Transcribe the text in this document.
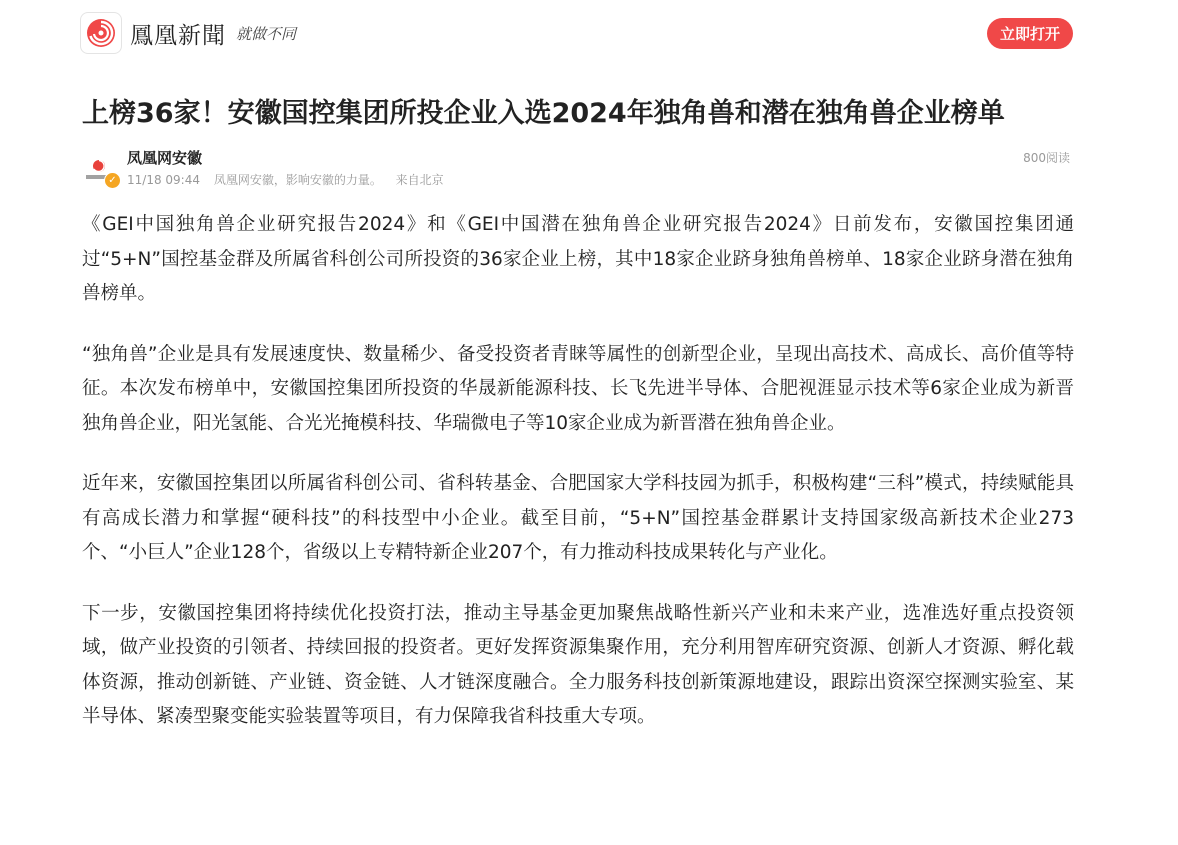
鳳凰新聞 就做不同	立即打开
上榜36家！安徽国控集团所投企业入选2024年独角兽和潜在独角兽企业榜单
✓
凤凰网安徽
11/18 09:44 凤凰网安徽，影响安徽的力量。 来自北京
800阅读

《GEI中国独角兽企业研究报告2024》和《GEI中国潜在独角兽企业研究报告2024》日前发布，安徽国控集团通过“5+N”国控基金群及所属省科创公司所投资的36家企业上榜，其中18家企业跻身独角兽榜单、18家企业跻身潜在独角兽榜单。

“独角兽”企业是具有发展速度快、数量稀少、备受投资者青睐等属性的创新型企业，呈现出高技术、高成长、高价值等特征。本次发布榜单中，安徽国控集团所投资的华晟新能源科技、长飞先进半导体、合肥视涯显示技术等6家企业成为新晋独角兽企业，阳光氢能、合光光掩模科技、华瑞微电子等10家企业成为新晋潜在独角兽企业。

近年来，安徽国控集团以所属省科创公司、省科转基金、合肥国家大学科技园为抓手，积极构建“三科”模式，持续赋能具有高成长潜力和掌握“硬科技”的科技型中小企业。截至目前，“5+N”国控基金群累计支持国家级高新技术企业273个、“小巨人”企业128个，省级以上专精特新企业207个，有力推动科技成果转化与产业化。

下一步，安徽国控集团将持续优化投资打法，推动主导基金更加聚焦战略性新兴产业和未来产业，选准选好重点投资领域，做产业投资的引领者、持续回报的投资者。更好发挥资源集聚作用，充分利用智库研究资源、创新人才资源、孵化载体资源，推动创新链、产业链、资金链、人才链深度融合。全力服务科技创新策源地建设，跟踪出资深空探测实验室、某半导体、紧凑型聚变能实验装置等项目，有力保障我省科技重大专项。
